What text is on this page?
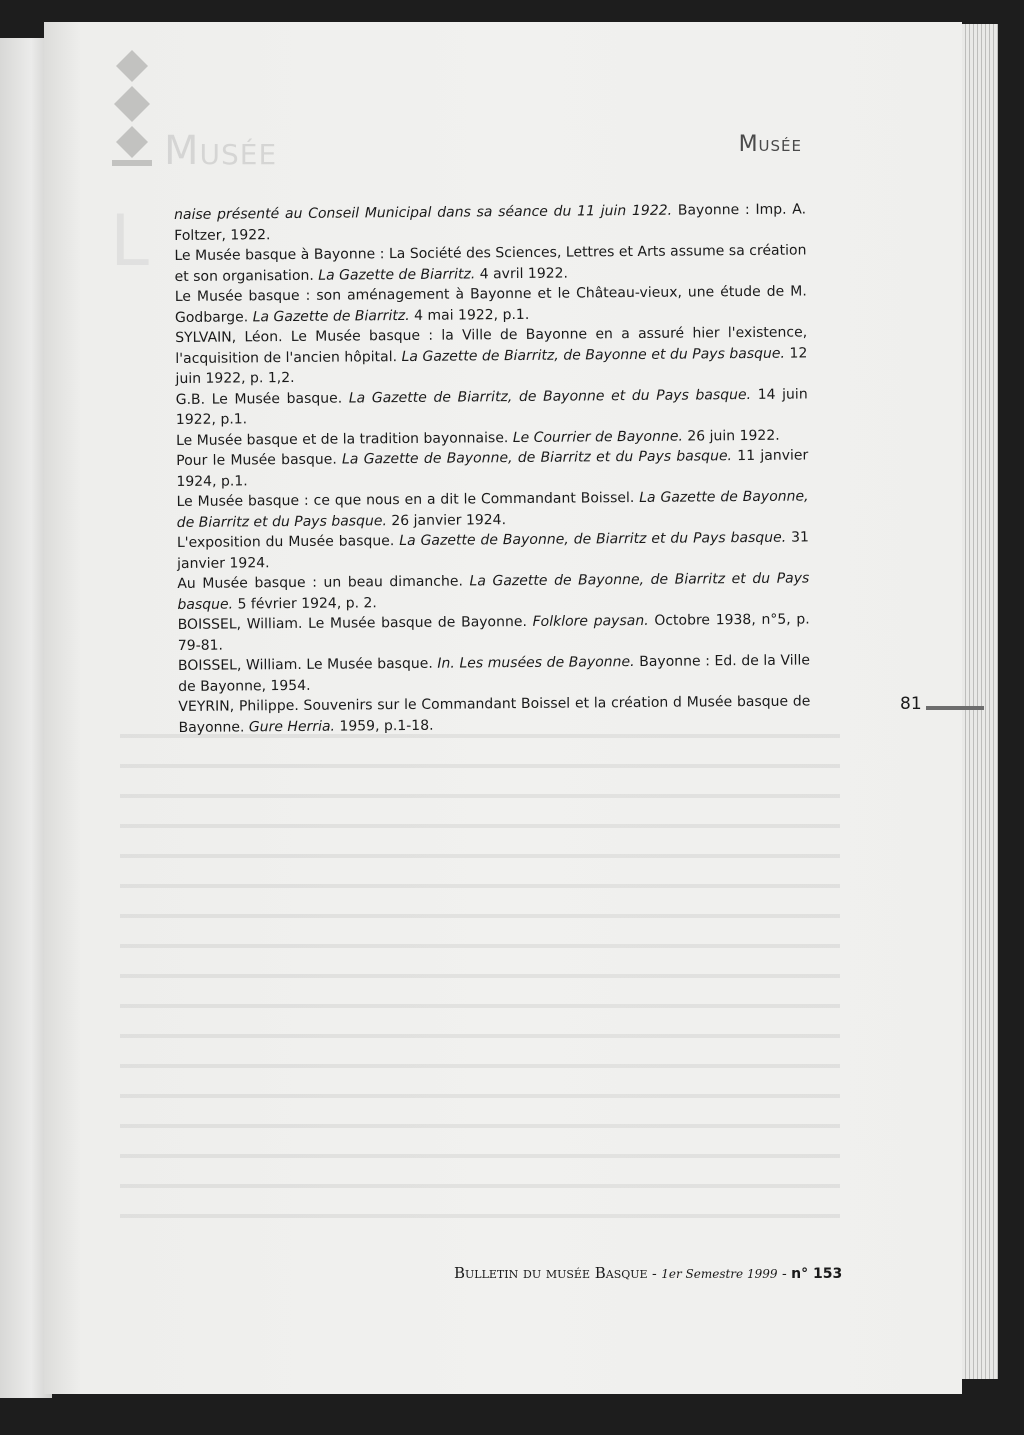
Musée
L
Musée

naise présenté au Conseil Municipal dans sa séance du 11 juin 1922. Bayonne : Imp. A. Foltzer, 1922.

Le Musée basque à Bayonne : La Société des Sciences, Lettres et Arts assume sa création et son organisation. La Gazette de Biarritz. 4 avril 1922.

Le Musée basque : son aménagement à Bayonne et le Château-vieux, une étude de M. Godbarge. La Gazette de Biarritz. 4 mai 1922, p.1.

SYLVAIN, Léon. Le Musée basque : la Ville de Bayonne en a assuré hier l'existence, l'acquisition de l'ancien hôpital. La Gazette de Biarritz, de Bayonne et du Pays basque. 12 juin 1922, p. 1,2.

G.B. Le Musée basque. La Gazette de Biarritz, de Bayonne et du Pays basque. 14 juin 1922, p.1.

Le Musée basque et de la tradition bayonnaise. Le Courrier de Bayonne. 26 juin 1922.

Pour le Musée basque. La Gazette de Bayonne, de Biarritz et du Pays basque. 11 janvier 1924, p.1.

Le Musée basque : ce que nous en a dit le Commandant Boissel. La Gazette de Bayonne, de Biarritz et du Pays basque. 26 janvier 1924.

L'exposition du Musée basque. La Gazette de Bayonne, de Biarritz et du Pays basque. 31 janvier 1924.

Au Musée basque : un beau dimanche. La Gazette de Bayonne, de Biarritz et du Pays basque. 5 février 1924, p. 2.

BOISSEL, William. Le Musée basque de Bayonne. Folklore paysan. Octobre 1938, n°5, p. 79-81.

BOISSEL, William. Le Musée basque. In. Les musées de Bayonne. Bayonne : Ed. de la Ville de Bayonne, 1954.

VEYRIN, Philippe. Souvenirs sur le Commandant Boissel et la création d Musée basque de Bayonne. Gure Herria. 1959, p.1-18.

81
Bulletin du musée Basque - 1er Semestre 1999 - n° 153
